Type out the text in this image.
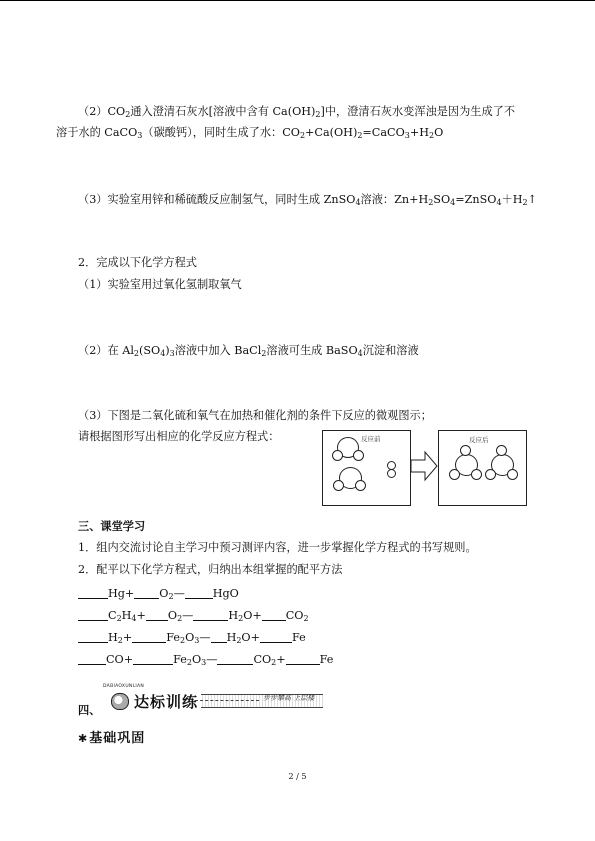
$(2)CO_2$通入澄清石灰水[溶液中含有 $Ca(OH)_2$]中，澄清石灰水变浑浊是因为生成了不
溶于水的 CaCO$_3$（碳酸钙），同时生成了水：$CO_2+Ca(OH)_2=CaCO_3+H_2O$
（3）实验室用锌和稀硫酸反应制氢气，同时生成 ZnSO$_4$溶液：$Zn+H_2SO_4=ZnSO_4+H_2↑$
2．完成以下化学方程式
（1）实验室用过氧化氢制取氧气
（2）在 $Al_2(SO_4)_3$溶液中加入 BaCl$_2$溶液可生成 BaSO$_4$沉淀和溶液
（3）下图是二氧化硫和氧气在加热和催化剂的条件下反应的微观图示；
请根据图形写出相应的化学反应方程式：	反应前	反应后
三、课堂学习
1．组内交流讨论自主学习中预习测评内容，进一步掌握化学方程式的书写规则。
2．配平以下化学方程式，归纳出本组掌握的配平方法
$Hg+ O_2—$	HgO
$C_2H_4+$ $O_2—$	$H_2O+ CO_2$
$H_2+$	$Fe_2O_3—$ $H_2O+$	Fe
CO+	$Fe_2O_3—$	$CO_2+$	Fe
四、
DABIAOXUNLIAN
达标训练	步步攀高 上层楼
✱基础巩固
2 / 5
